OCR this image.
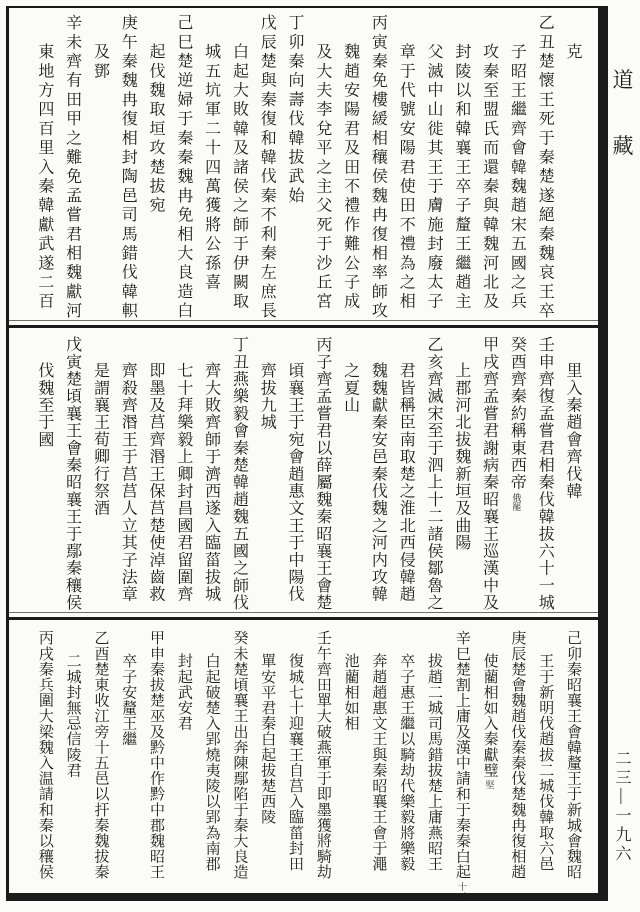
克
乙丑楚懷王死于秦楚遂絕秦魏哀王卒
子昭王繼齊會韓魏趙宋五國之兵
攻秦至盟氏而還秦與韓魏河北及
封陵以和韓襄王卒子釐王繼趙主
父滅中山徙其王于膚施封廢太子
章于代號安陽君使田不禮為之相
丙寅秦免樓緩相穰侯魏冉復相率師攻
魏趙安陽君及田不禮作難公子成
及大夫李兌平之主父死于沙丘宮
丁卯秦向壽伐韓拔武始
戊辰楚與秦復和韓伐秦不利秦左庶長
白起大敗韓及諸侯之師于伊闕取
城五坑軍二十四萬獲將公孫喜
己巳楚逆婦于秦秦魏冉免相大良造白
起伐魏取垣攻楚拔宛
庚午秦魏冉復相封陶邑司馬錯伐韓軹
及鄧
辛未齊有田甲之難免孟嘗君相魏獻河
東地方四百里入秦韓獻武遂二百
里入秦趙會齊伐韓
壬申齊復孟嘗君相秦伐韓拔六十一城
癸酉齊秦約稱東西帝俄罷
甲戌齊孟嘗君謝病秦昭襄王巡漢中及
上郡河北拔魏新垣及曲陽
乙亥齊滅宋至于泗上十二諸侯鄒魯之
君皆稱臣南取楚之淮北西侵韓趙
魏魏獻秦安邑秦伐魏之河内攻韓
之夏山
丙子齊孟嘗君以薛屬魏秦昭襄王會楚
頃襄王于宛會趙惠文王于中陽伐
齊拔九城
丁丑燕樂毅會秦楚韓趙魏五國之師伐
齊大敗齊師于濟西遂入臨菑拔城
七十拜樂毅上卿封昌國君留圍齊
即墨及莒齊湣王保莒楚使淖齒救
齊殺齊湣王于莒莒人立其子法章
是謂襄王荀卿行祭酒
戊寅楚頃襄王會秦昭襄王于鄢秦穰侯
伐魏至于國
己卯秦昭襄王會韓釐王于新城會魏昭
王于新明伐趙拔二城伐韓取六邑
庚辰楚會魏趙伐秦秦伐楚魏冉復相趙
使藺相如入秦獻璧堅
辛巳楚割上庸及漢中請和于秦秦白起十二
拔趙二城司馬錯拔楚上庸燕昭王
卒子惠王繼以騎劫代樂毅將樂毅
奔趙趙惠文王與秦昭襄王會于澠
池藺相如相
壬午齊田單大破燕軍于即墨獲將騎劫
復城七十迎襄王自莒入臨菑封田
單安平君秦白起拔楚西陵
癸未楚頃襄王出奔陳鄢陷于秦大良造
白起破楚入郢燒夷陵以郢為南郡
封起武安君
甲申秦拔楚巫及黔中作黔中郡魏昭王
卒子安釐王繼
乙酉楚東收江旁十五邑以扞秦魏拔秦
二城封無忌信陵君
丙戌秦兵圍大梁魏入温請和秦以穰侯
道
藏
二三—一九六
